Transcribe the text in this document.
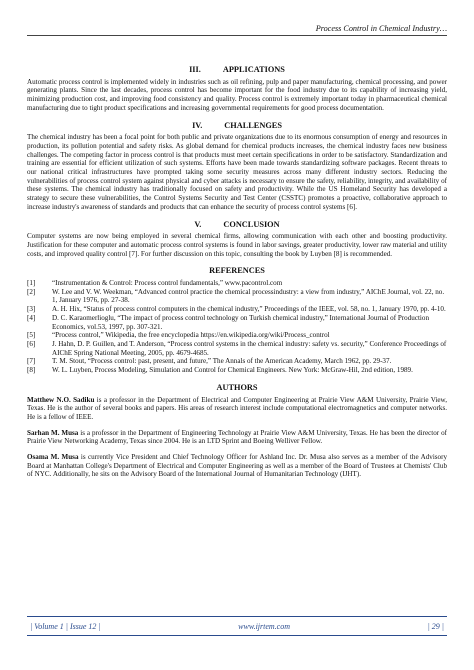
Process Control in Chemical Industry…
III.	APPLICATIONS

Automatic process control is implemented widely in industries such as oil refining, pulp and paper manufacturing, chemical processing, and power generating plants. Since the last decades, process control has become important for the food industry due to its capability of increasing yield, minimizing production cost, and improving food consistency and quality. Process control is extremely important today in pharmaceutical chemical manufacturing due to tight product specifications and increasing governmental requirements for good process documentation.

IV.	CHALLENGES

The chemical industry has been a focal point for both public and private organizations due to its enormous consumption of energy and resources in production, its pollution potential and safety risks. As global demand for chemical products increases, the chemical industry faces new business challenges. The competing factor in process control is that products must meet certain specifications in order to be satisfactory. Standardization and training are essential for efficient utilization of such systems. Efforts have been made towards standardizing software packages. Recent threats to our national critical infrastructures have prompted taking some security measures across many different industry sectors. Reducing the vulnerabilities of process control system against physical and cyber attacks is necessary to ensure the safety, reliability, integrity, and availability of these systems. The chemical industry has traditionally focused on safety and productivity. While the US Homeland Security has developed a strategy to secure these vulnerabilities, the Control Systems Security and Test Center (CSSTC) promotes a proactive, collaborative approach to increase industry's awareness of standards and products that can enhance the security of process control systems [6].

V.	CONCLUSION

Computer systems are now being employed in several chemical firms, allowing communication with each other and boosting productivity. Justification for these computer and automatic process control systems is found in labor savings, greater productivity, lower raw material and utility costs, and improved quality control [7]. For further discussion on this topic, consulting the book by Luyben [8] is recommended.

REFERENCES
[1]	“Instrumentation & Control: Process control fundamentals,” www.pacontrol.com
[2]	W. Lee and V. W. Weekman, “Advanced control practice the chemical processindustry: a view from industry,” AIChE Journal, vol. 22, no. 1, January 1976, pp. 27-38.
[3]	A. H. Hix, “Status of process control computers in the chemical industry,” Proceedings of the IEEE, vol. 58, no. 1, January 1970, pp. 4-10.
[4]	D. C. Karaomerlioglu, “The impact of process control technology on Turkish chemical industry,” International Journal of Production Economics, vol.53, 1997, pp. 307-321.
[5]	“Process control,” Wikipedia, the free encyclopedia https://en.wikipedia.org/wiki/Process_control
[6]	J. Hahn, D. P. Guillen, and T. Anderson, “Process control systems in the chemical industry: safety vs. security,” Conference Proceedings of AIChE Spring National Meeting, 2005, pp. 4679-4685.
[7]	T. M. Stout, “Process control: past, present, and future,” The Annals of the American Academy, March 1962, pp. 29-37.
[8]	W. L. Luyben, Process Modeling, Simulation and Control for Chemical Engineers. New York: McGraw-Hil, 2nd edition, 1989.
AUTHORS

Matthew N.O. Sadiku is a professor in the Department of Electrical and Computer Engineering at Prairie View A&M University, Prairie View, Texas. He is the author of several books and papers. His areas of research interest include computational electromagnetics and computer networks. He is a fellow of IEEE.

Sarhan M. Musa is a professor in the Department of Engineering Technology at Prairie View A&M University, Texas. He has been the director of Prairie View Networking Academy, Texas since 2004. He is an LTD Sprint and Boeing Welliver Fellow.

Osama M. Musa is currently Vice President and Chief Technology Officer for Ashland Inc. Dr. Musa also serves as a member of the Advisory Board at Manhattan College's Department of Electrical and Computer Engineering as well as a member of the Board of Trustees at Chemists' Club of NYC. Additionally, he sits on the Advisory Board of the International Journal of Humanitarian Technology (IJHT).

| Volume 1 | Issue 12 |	www.ijrtem.com	| 29 |
